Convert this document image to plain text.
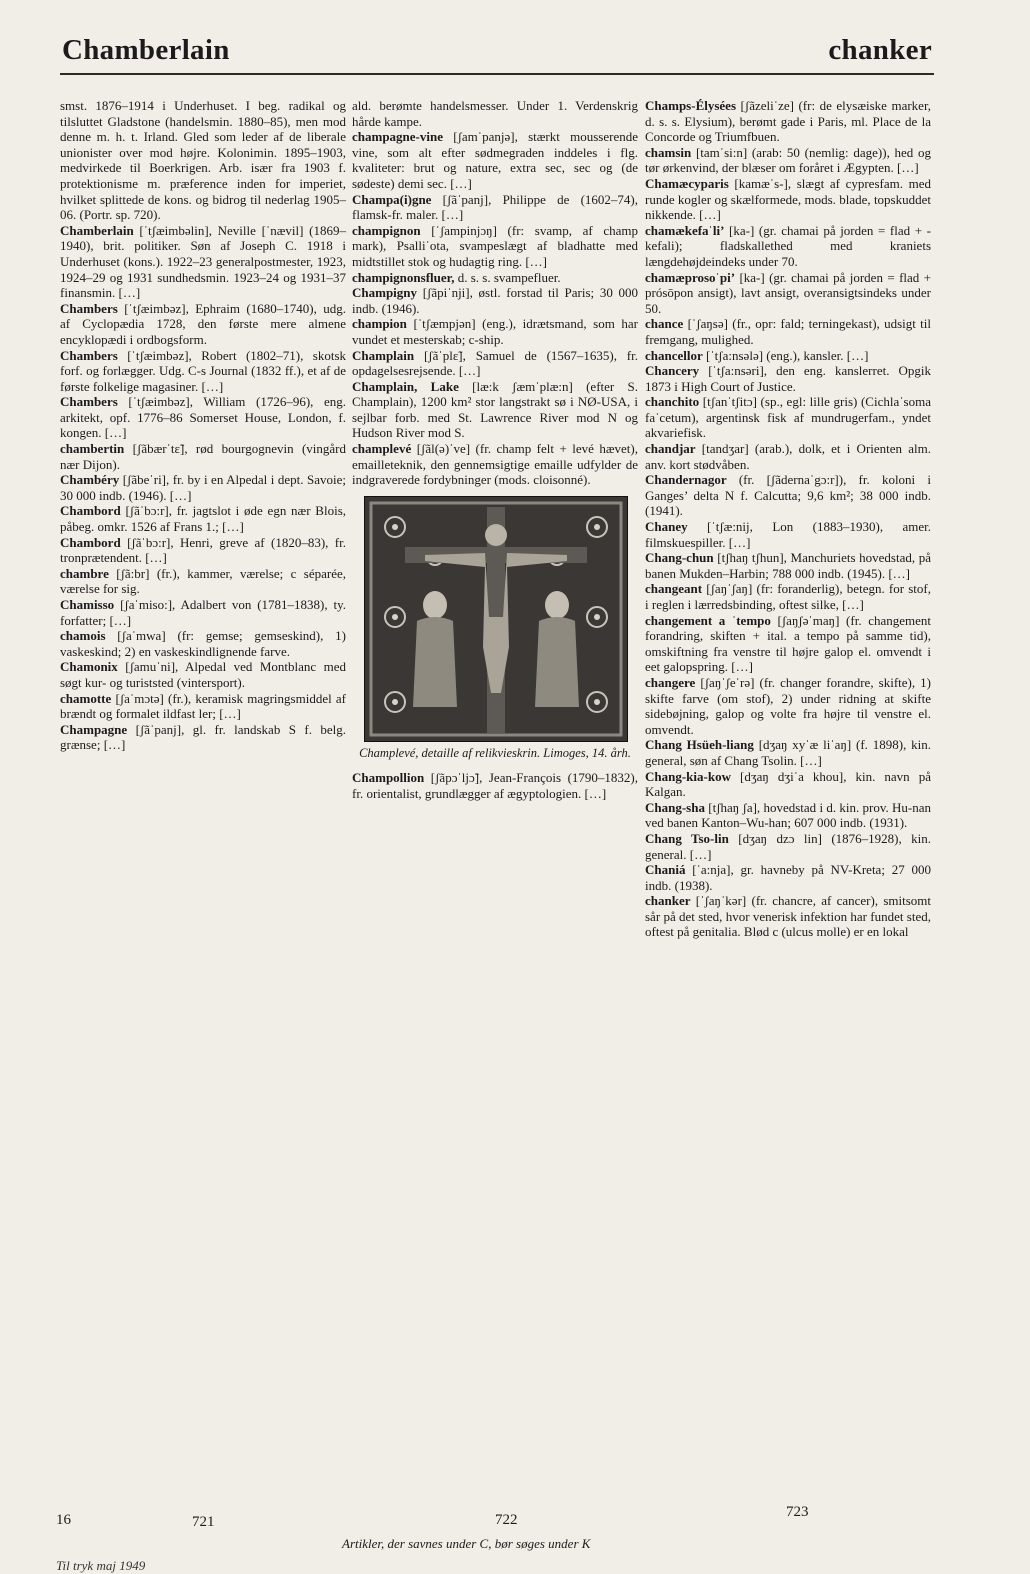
Chamberlain	chanker
smst. 1876–1914 i Underhuset. I beg. radikal og tilsluttet Gladstone (handelsmin. 1880–85), men mod denne m. h. t. Irland. Gled som leder af de liberale unionister over mod højre. Kolonimin. 1895–1903, medvirkede til Boerkrigen. Arb. især fra 1903 f. protektionisme m. præference inden for imperiet, hvilket splittede de kons. og bidrog til nederlag 1905–06. (Portr. sp. 720).
Chamberlain [ˈtʃæimbəlin], Neville [ˈnævil] (1869–1940), brit. politiker. Søn af Joseph C. 1918 i Underhuset (kons.). 1922–23 generalpostmester, 1923, 1924–29 og 1931 sundhedsmin. 1923–24 og 1931–37 finansmin. […]
Chambers [ˈtʃæimbəz], Ephraim (1680–1740), udg. af Cyclopædia 1728, den første mere almene encyklopædi i ordbogsform.
Chambers [ˈtʃæimbəz], Robert (1802–71), skotsk forf. og forlægger. Udg. C-s Journal (1832 ff.), et af de første folkelige magasiner. […]
Chambers [ˈtʃæimbəz], William (1726–96), eng. arkitekt, opf. 1776–86 Somerset House, London, f. kongen. […]
chambertin [ʃãbærˈtɛ̃], rød bourgognevin (vingård nær Dijon).
Chambéry [ʃãbeˈri], fr. by i en Alpedal i dept. Savoie; 30 000 indb. (1946). […]
Chambord [ʃãˈbɔ:r], fr. jagtslot i øde egn nær Blois, påbeg. omkr. 1526 af Frans 1.; […]
Chambord [ʃãˈbɔ:r], Henri, greve af (1820–83), fr. tronprætendent. […]
chambre [ʃã:br] (fr.), kammer, værelse; c séparée, værelse for sig.
Chamisso [ʃaˈmiso:], Adalbert von (1781–1838), ty. forfatter; […]
chamois [ʃaˈmwa] (fr: gemse; gemseskind), 1) vaskeskind; 2) en vaskeskindlignende farve.
Chamonix [ʃamuˈni], Alpedal ved Montblanc med søgt kur- og turiststed (vintersport).
chamotte [ʃaˈmɔtə] (fr.), keramisk magringsmiddel af brændt og formalet ildfast ler; […]
Champagne [ʃãˈpanj], gl. fr. landskab S f. belg. grænse; […]
ald. berømte handelsmesser. Under 1. Verdenskrig hårde kampe.
champagne-vine [ʃamˈpanjə], stærkt mousserende vine, som alt efter sødmegraden inddeles i flg. kvaliteter: brut og nature, extra sec, sec og (de sødeste) demi sec. […]
Champa(i)gne [ʃãˈpanj], Philippe de (1602–74), flamsk-fr. maler. […]
champignon [ˈʃampinjɔŋ] (fr: svamp, af champ mark), Psalliˈota, svampeslægt af bladhatte med midtstillet stok og hudagtig ring. […]
champignonsfluer, d. s. s. svampefluer.
Champigny [ʃãpiˈnji], østl. forstad til Paris; 30 000 indb. (1946).
champion [ˈtʃæmpjən] (eng.), idrætsmand, som har vundet et mesterskab; c-ship.
Champlain [ʃãˈplɛ̃], Samuel de (1567–1635), fr. opdagelsesrejsende. […]
Champlain, Lake [læ:k ʃæmˈplæ:n] (efter S. Champlain), 1200 km² stor langstrakt sø i NØ-USA, i sejlbar forb. med St. Lawrence River mod N og Hudson River mod S.
champlevé [ʃãl(ə)ˈve] (fr. champ felt + levé hævet), emailleteknik, den gennemsigtige emaille udfylder de indgraverede fordybninger (mods. cloisonné).
Champlevé, detaille af relikvieskrin. Limoges, 14. årh.
Champollion [ʃãpɔˈljɔ̃], Jean-François (1790–1832), fr. orientalist, grundlægger af ægyptologien. […]
Champs-Élysées [ʃãzeliˈze] (fr: de elysæiske marker, d. s. s. Elysium), berømt gade i Paris, ml. Place de la Concorde og Triumfbuen.
chamsin [tamˈsi:n] (arab: 50 (nemlig: dage)), hed og tør ørkenvind, der blæser om foråret i Ægypten. […]
Chamæcyparis [kamæˈs-], slægt af cypresfam. med runde kogler og skælformede, mods. blade, topskuddet nikkende. […]
chamækefaˈli’ [ka-] (gr. chamai på jorden = flad + -kefali); fladskallethed med kraniets længdehøjdeindeks under 70.
chamæprosoˈpi’ [ka-] (gr. chamai på jorden = flad + prósōpon ansigt), lavt ansigt, overansigtsindeks under 50.
chance [ˈʃaŋsə] (fr., opr: fald; terningekast), udsigt til fremgang, mulighed.
chancellor [ˈtʃa:nsələ] (eng.), kansler. […]
Chancery [ˈtʃa:nsəri], den eng. kanslerret. Opgik 1873 i High Court of Justice.
chanchito [tʃanˈtʃitɔ] (sp., egl: lille gris) (Cichlaˈsoma faˈcetum), argentinsk fisk af mundrugerfam., yndet akvariefisk.
chandjar [tandʒar] (arab.), dolk, et i Orienten alm. anv. kort stødvåben.
Chandernagor (fr. [ʃãdernaˈgɔ:r]), fr. koloni i Ganges’ delta N f. Calcutta; 9,6 km²; 38 000 indb. (1941).
Chaney [ˈtʃæ:nij, Lon (1883–1930), amer. filmskuespiller. […]
Chang-chun [tʃhaŋ tʃhun], Manchuriets hovedstad, på banen Mukden–Harbin; 788 000 indb. (1945). […]
changeant [ʃaŋˈʃaŋ] (fr: foranderlig), betegn. for stof, i reglen i lærredsbinding, oftest silke, […]
changement a ˈtempo [ʃaŋʃəˈmaŋ] (fr. changement forandring, skiften + ital. a tempo på samme tid), omskiftning fra venstre til højre galop el. omvendt i eet galopspring. […]
changere [ʃaŋˈʃeˈrə] (fr. changer forandre, skifte), 1) skifte farve (om stof), 2) under ridning at skifte sidebøjning, galop og volte fra højre til venstre el. omvendt.
Chang Hsüeh-liang [dʒaŋ xyˈæ liˈaŋ] (f. 1898), kin. general, søn af Chang Tsolin. […]
Chang-kia-kow [dʒaŋ dʒiˈa khou], kin. navn på Kalgan.
Chang-sha [tʃhaŋ ʃa], hovedstad i d. kin. prov. Hu-nan ved banen Kanton–Wu-han; 607 000 indb. (1931).
Chang Tso-lin [dʒaŋ dzɔ lin] (1876–1928), kin. general. […]
Chaniá [ˈa:nja], gr. havneby på NV-Kreta; 27 000 indb. (1938).
chanker [ˈʃaŋˈkər] (fr. chancre, af cancer), smitsomt sår på det sted, hvor venerisk infektion har fundet sted, oftest på genitalia. Blød c (ulcus molle) er en lokal
16	721	722	723
Artikler, der savnes under C, bør søges under K
Til tryk maj 1949
